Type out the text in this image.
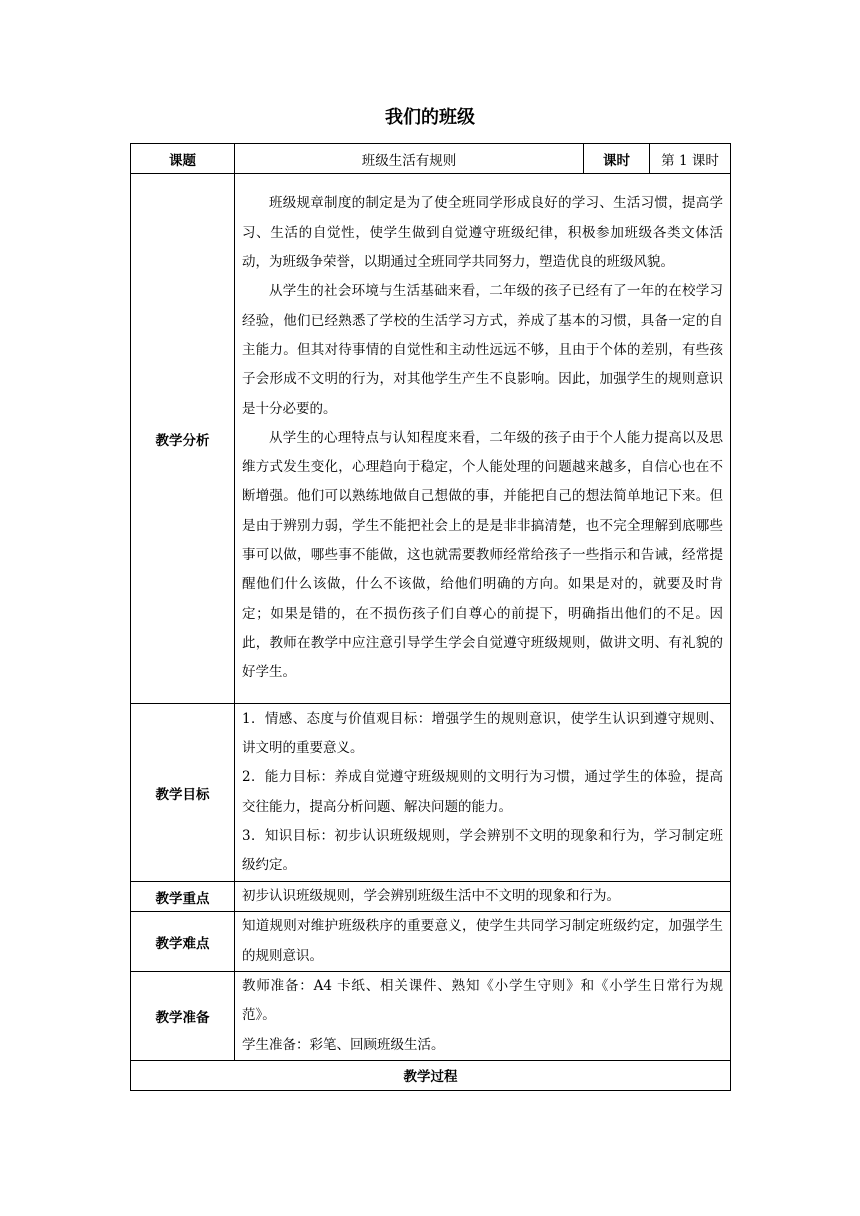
我们的班级
课题	班级生活有规则	课时	第 1 课时
教学分析	班级规章制度的制定是为了使全班同学形成良好的学习、生活习惯，提高学习、生活的自觉性，使学生做到自觉遵守班级纪律，积极参加班级各类文体活动，为班级争荣誉，以期通过全班同学共同努力，塑造优良的班级风貌。

从学生的社会环境与生活基础来看，二年级的孩子已经有了一年的在校学习经验，他们已经熟悉了学校的生活学习方式，养成了基本的习惯，具备一定的自主能力。但其对待事情的自觉性和主动性远远不够，且由于个体的差别，有些孩子会形成不文明的行为，对其他学生产生不良影响。因此，加强学生的规则意识是十分必要的。

从学生的心理特点与认知程度来看，二年级的孩子由于个人能力提高以及思维方式发生变化，心理趋向于稳定，个人能处理的问题越来越多，自信心也在不断增强。他们可以熟练地做自己想做的事，并能把自己的想法简单地记下来。但是由于辨别力弱，学生不能把社会上的是是非非搞清楚，也不完全理解到底哪些事可以做，哪些事不能做，这也就需要教师经常给孩子一些指示和告诫，经常提醒他们什么该做，什么不该做，给他们明确的方向。如果是对的，就要及时肯定；如果是错的，在不损伤孩子们自尊心的前提下，明确指出他们的不足。因此，教师在教学中应注意引导学生学会自觉遵守班级规则，做讲文明、有礼貌的好学生。		

教学目标	1．情感、态度与价值观目标：增强学生的规则意识，使学生认识到遵守规则、讲文明的重要意义。

2．能力目标：养成自觉遵守班级规则的文明行为习惯，通过学生的体验，提高交往能力，提高分析问题、解决问题的能力。

3．知识目标：初步认识班级规则，学会辨别不文明的现象和行为，学习制定班级约定。		

教学重点	初步认识班级规则，学会辨别班级生活中不文明的现象和行为。		
教学难点	知道规则对维护班级秩序的重要意义，使学生共同学习制定班级约定，加强学生的规则意识。		
教学准备	教师准备：A4 卡纸、相关课件、熟知《小学生守则》和《小学生日常行为规范》。

学生准备：彩笔、回顾班级生活。		

教学过程			
